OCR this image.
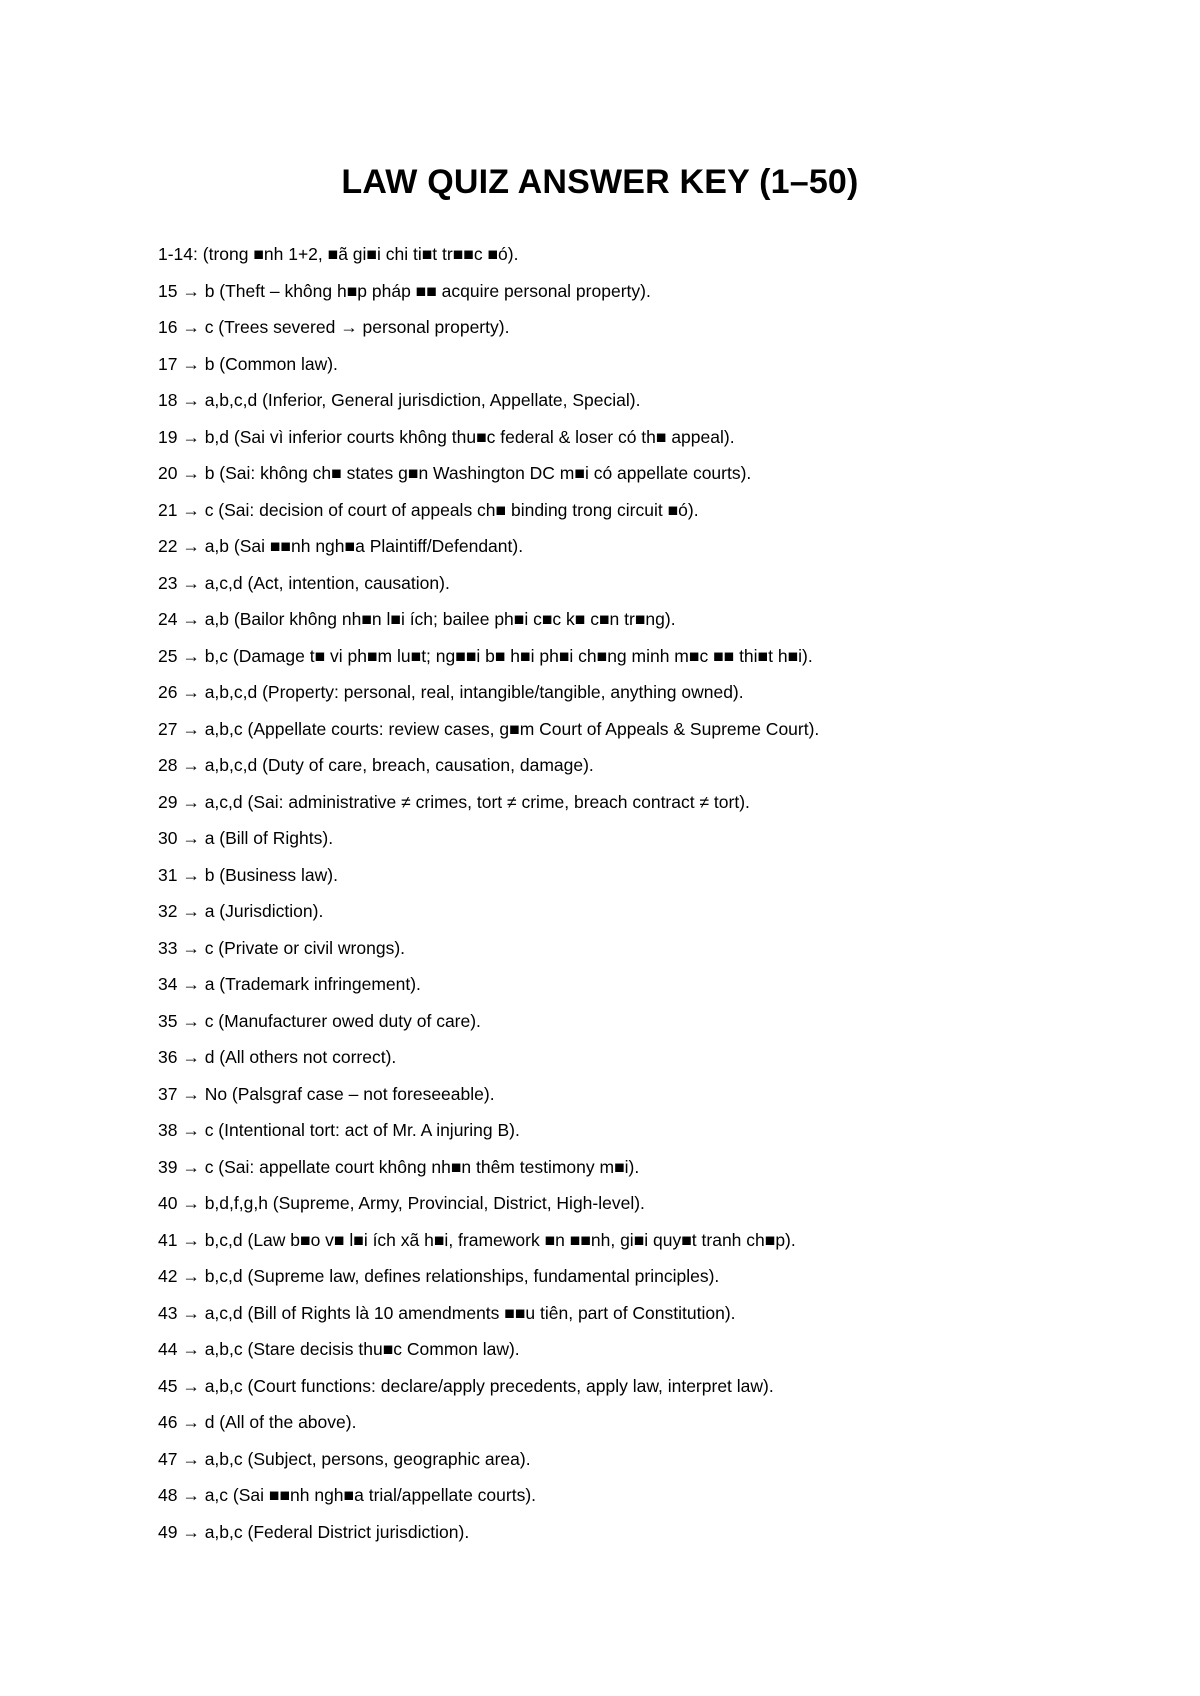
LAW QUIZ ANSWER KEY (1–50)
1-14: (trong ■nh 1+2, ■ã gi■i chi ti■t tr■■c ■ó).
15 → b (Theft – không h■p pháp ■■ acquire personal property).
16 → c (Trees severed → personal property).
17 → b (Common law).
18 → a,b,c,d (Inferior, General jurisdiction, Appellate, Special).
19 → b,d (Sai vì inferior courts không thu■c federal & loser có th■ appeal).
20 → b (Sai: không ch■ states g■n Washington DC m■i có appellate courts).
21 → c (Sai: decision of court of appeals ch■ binding trong circuit ■ó).
22 → a,b (Sai ■■nh ngh■a Plaintiff/Defendant).
23 → a,c,d (Act, intention, causation).
24 → a,b (Bailor không nh■n l■i ích; bailee ph■i c■c k■ c■n tr■ng).
25 → b,c (Damage t■ vi ph■m lu■t; ng■■i b■ h■i ph■i ch■ng minh m■c ■■ thi■t h■i).
26 → a,b,c,d (Property: personal, real, intangible/tangible, anything owned).
27 → a,b,c (Appellate courts: review cases, g■m Court of Appeals & Supreme Court).
28 → a,b,c,d (Duty of care, breach, causation, damage).
29 → a,c,d (Sai: administrative ≠ crimes, tort ≠ crime, breach contract ≠ tort).
30 → a (Bill of Rights).
31 → b (Business law).
32 → a (Jurisdiction).
33 → c (Private or civil wrongs).
34 → a (Trademark infringement).
35 → c (Manufacturer owed duty of care).
36 → d (All others not correct).
37 → No (Palsgraf case – not foreseeable).
38 → c (Intentional tort: act of Mr. A injuring B).
39 → c (Sai: appellate court không nh■n thêm testimony m■i).
40 → b,d,f,g,h (Supreme, Army, Provincial, District, High-level).
41 → b,c,d (Law b■o v■ l■i ích xã h■i, framework ■n ■■nh, gi■i quy■t tranh ch■p).
42 → b,c,d (Supreme law, defines relationships, fundamental principles).
43 → a,c,d (Bill of Rights là 10 amendments ■■u tiên, part of Constitution).
44 → a,b,c (Stare decisis thu■c Common law).
45 → a,b,c (Court functions: declare/apply precedents, apply law, interpret law).
46 → d (All of the above).
47 → a,b,c (Subject, persons, geographic area).
48 → a,c (Sai ■■nh ngh■a trial/appellate courts).
49 → a,b,c (Federal District jurisdiction).
